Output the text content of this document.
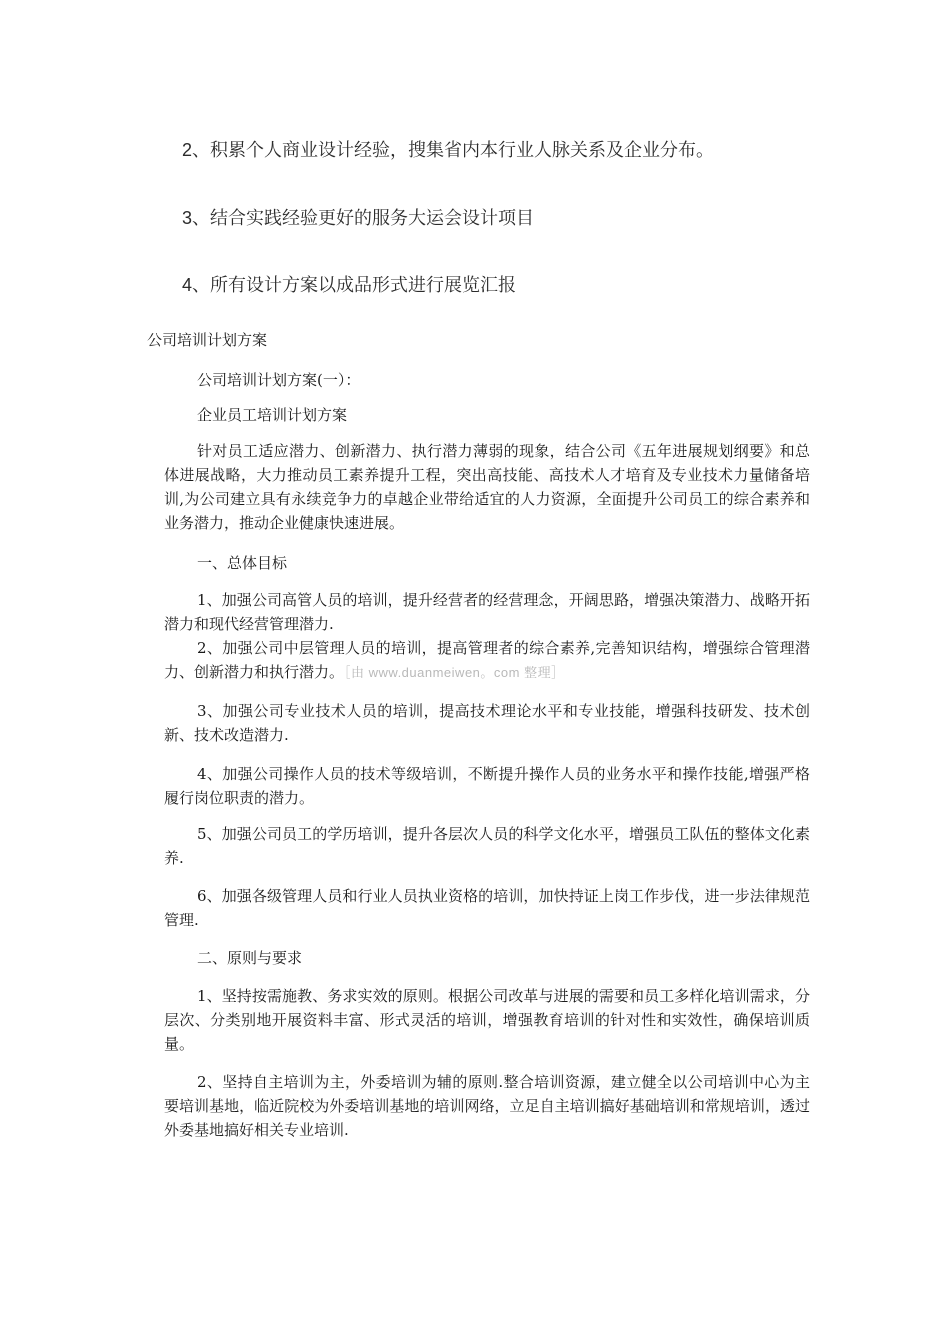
2、积累个人商业设计经验，搜集省内本行业人脉关系及企业分布。
3、结合实践经验更好的服务大运会设计项目
4、所有设计方案以成品形式进行展览汇报
公司培训计划方案
公司培训计划方案(一）：
企业员工培训计划方案
针对员工适应潜力、创新潜力、执行潜力薄弱的现象，结合公司《五年进展规划纲要》和总体进展战略，大力推动员工素养提升工程，突出高技能、高技术人才培育及专业技术力量储备培训,为公司建立具有永续竞争力的卓越企业带给适宜的人力资源，全面提升公司员工的综合素养和业务潜力，推动企业健康快速进展。
一、总体目标
1、加强公司高管人员的培训，提升经营者的经营理念，开阔思路，增强决策潜力、战略开拓潜力和现代经营管理潜力.
2、加强公司中层管理人员的培训，提高管理者的综合素养,完善知识结构，增强综合管理潜力、创新潜力和执行潜力。［由 www.duanmeiwen。com 整理］
3、加强公司专业技术人员的培训，提高技术理论水平和专业技能，增强科技研发、技术创新、技术改造潜力.
4、加强公司操作人员的技术等级培训，不断提升操作人员的业务水平和操作技能,增强严格履行岗位职责的潜力。
5、加强公司员工的学历培训，提升各层次人员的科学文化水平，增强员工队伍的整体文化素养.
6、加强各级管理人员和行业人员执业资格的培训，加快持证上岗工作步伐，进一步法律规范管理.
二、原则与要求
1、坚持按需施教、务求实效的原则。根据公司改革与进展的需要和员工多样化培训需求，分层次、分类别地开展资料丰富、形式灵活的培训，增强教育培训的针对性和实效性，确保培训质量。
2、坚持自主培训为主，外委培训为辅的原则.整合培训资源，建立健全以公司培训中心为主要培训基地，临近院校为外委培训基地的培训网络，立足自主培训搞好基础培训和常规培训，透过外委基地搞好相关专业培训.
